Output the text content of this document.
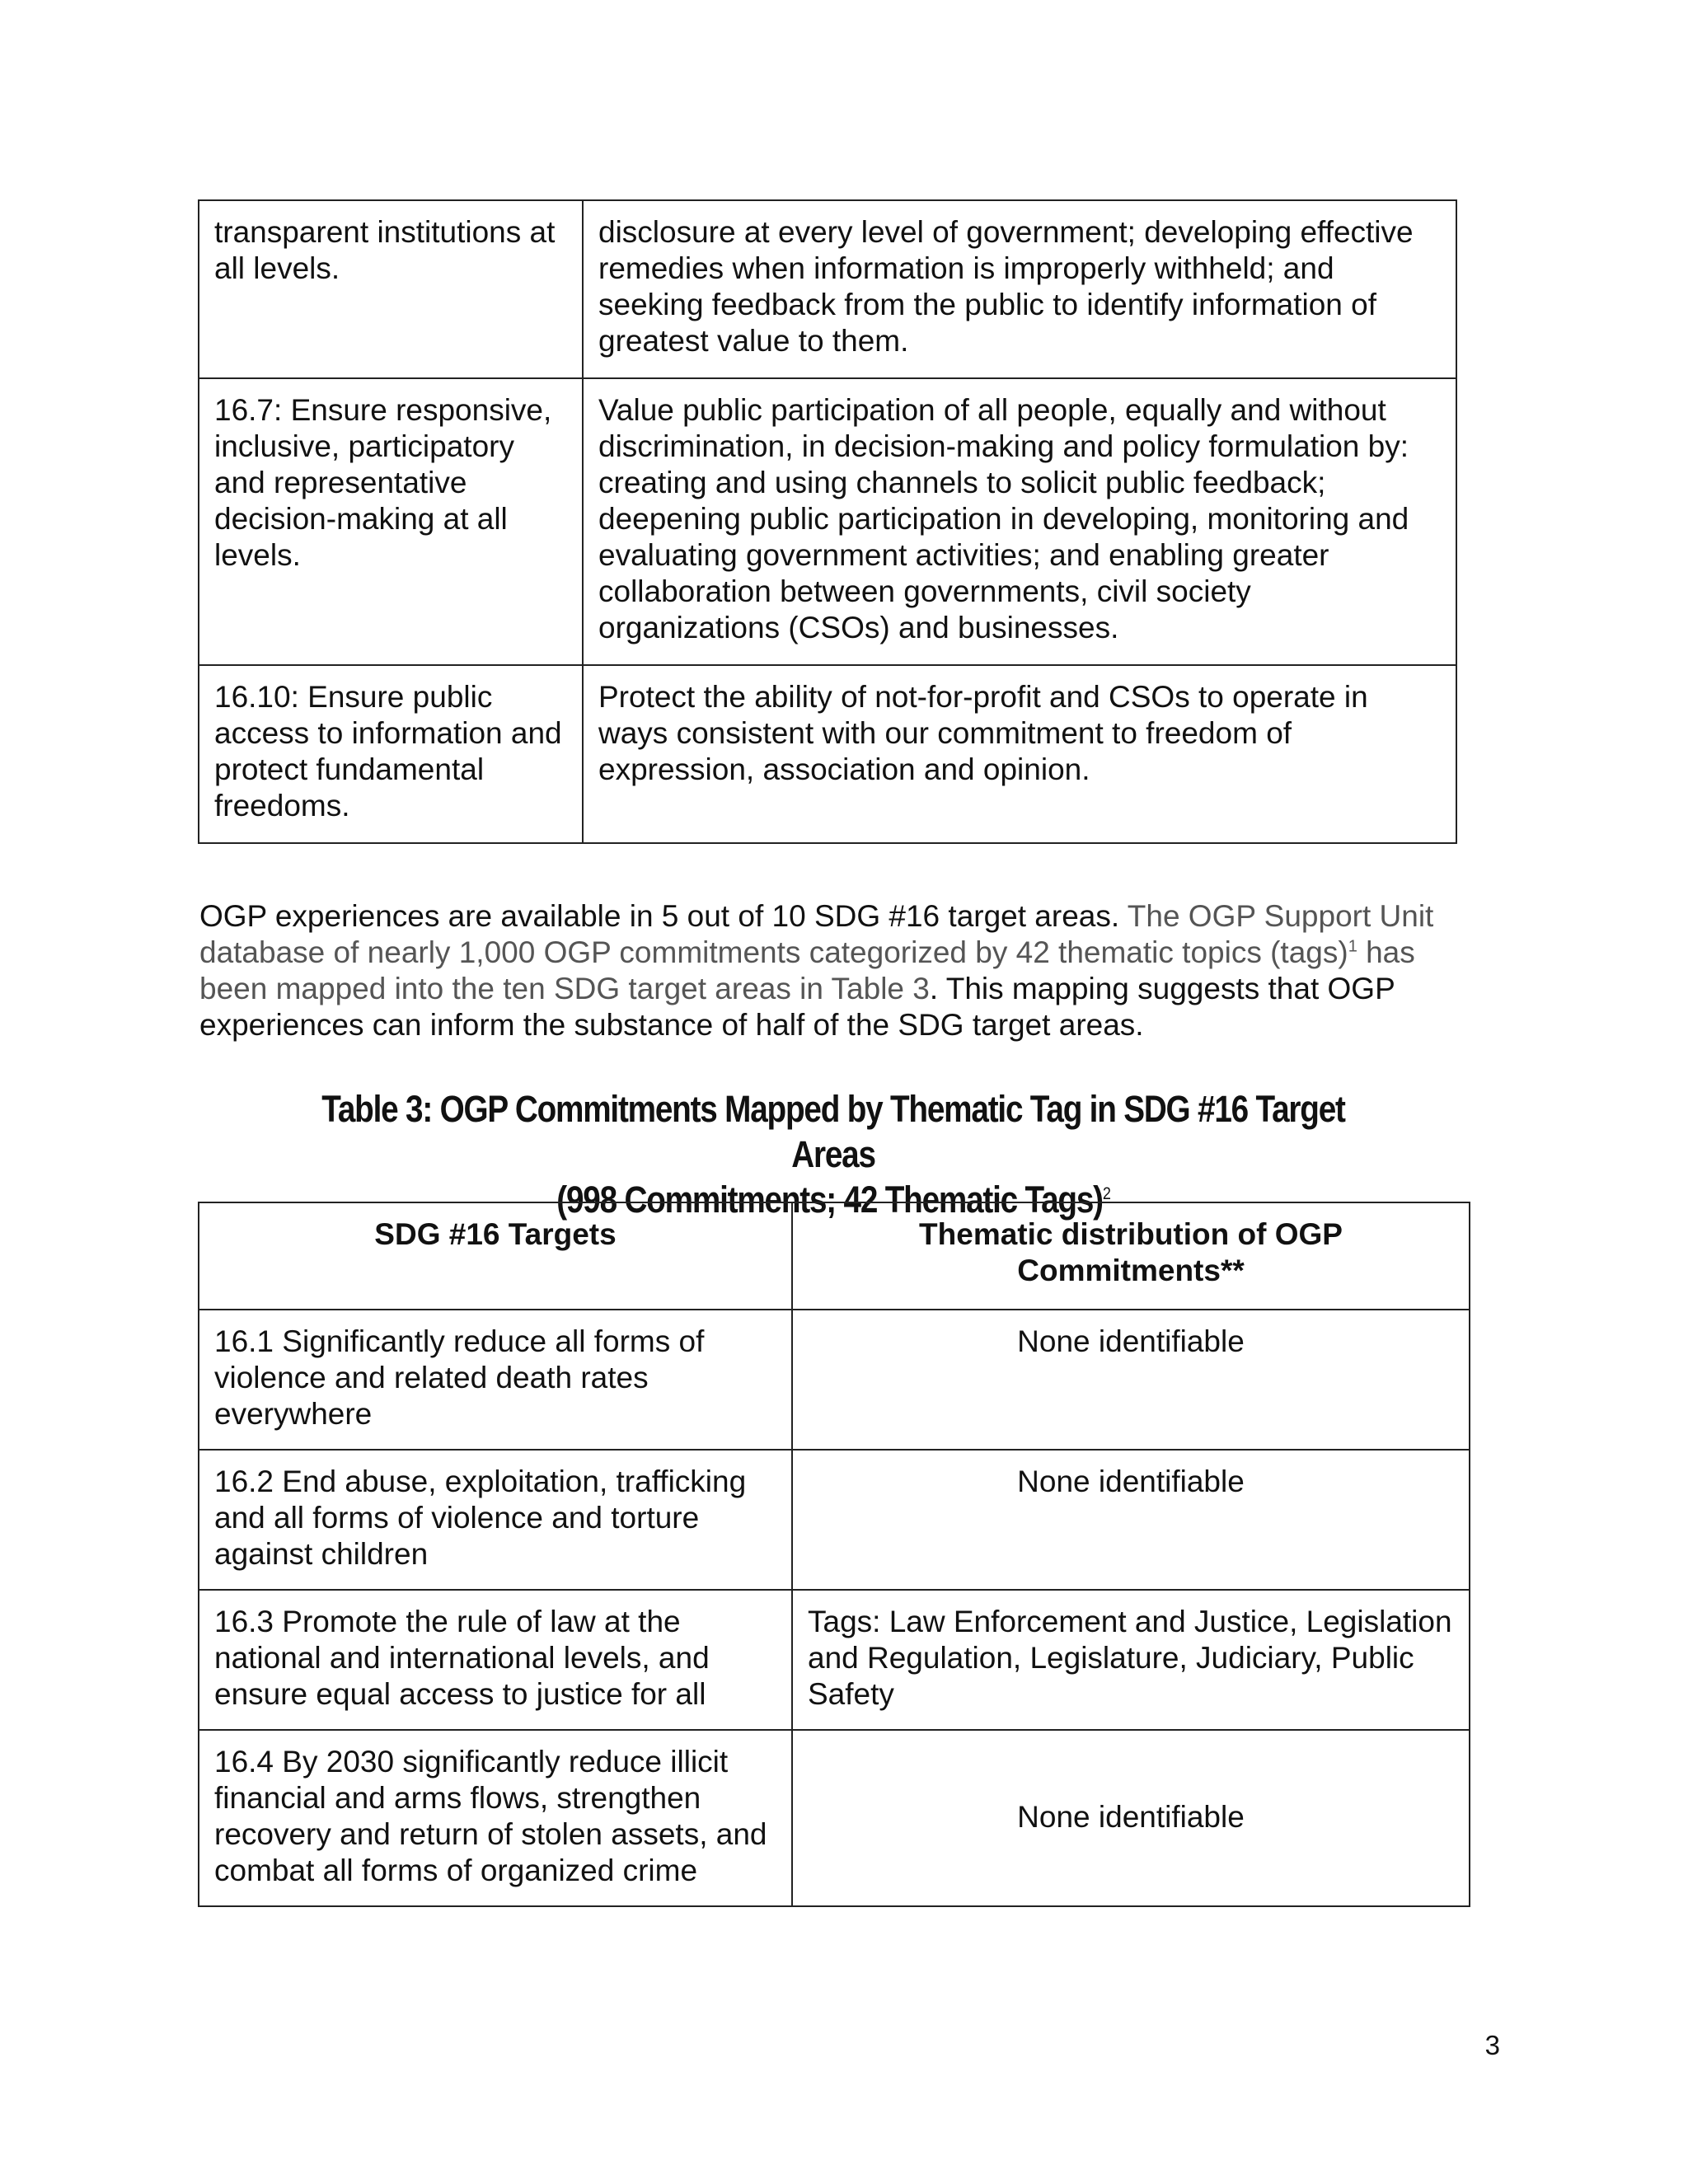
transparent institutions at all levels.	disclosure at every level of government; developing effective remedies when information is improperly withheld; and seeking feedback from the public to identify information of greatest value to them.
16.7: Ensure responsive, inclusive, participatory and representative decision-making at all levels.	Value public participation of all people, equally and without discrimination, in decision-making and policy formulation by: creating and using channels to solicit public feedback; deepening public participation in developing, monitoring and evaluating government activities; and enabling greater collaboration between governments, civil society organizations (CSOs) and businesses.
16.10: Ensure public access to information and protect fundamental freedoms.	Protect the ability of not-for-profit and CSOs to operate in ways consistent with our commitment to freedom of expression, association and opinion.

OGP experiences are available in 5 out of 10 SDG #16 target areas. The OGP Support Unit database of nearly 1,000 OGP commitments categorized by 42 thematic topics (tags)$^1$ has been mapped into the ten SDG target areas in Table 3. This mapping suggests that OGP experiences can inform the substance of half of the SDG target areas.

Table 3: OGP Commitments Mapped by Thematic Tag in SDG #16 Target Areas
(998 Commitments; 42 Thematic Tags)$^2$
SDG #16 Targets	Thematic distribution of OGP Commitments**
16.1 Significantly reduce all forms of violence and related death rates everywhere	None identifiable
16.2 End abuse, exploitation, trafficking and all forms of violence and torture against children	None identifiable
16.3 Promote the rule of law at the national and international levels, and ensure equal access to justice for all	Tags: Law Enforcement and Justice, Legislation and Regulation, Legislature, Judiciary, Public Safety
16.4 By 2030 significantly reduce illicit financial and arms flows, strengthen recovery and return of stolen assets, and combat all forms of organized crime	None identifiable
3
